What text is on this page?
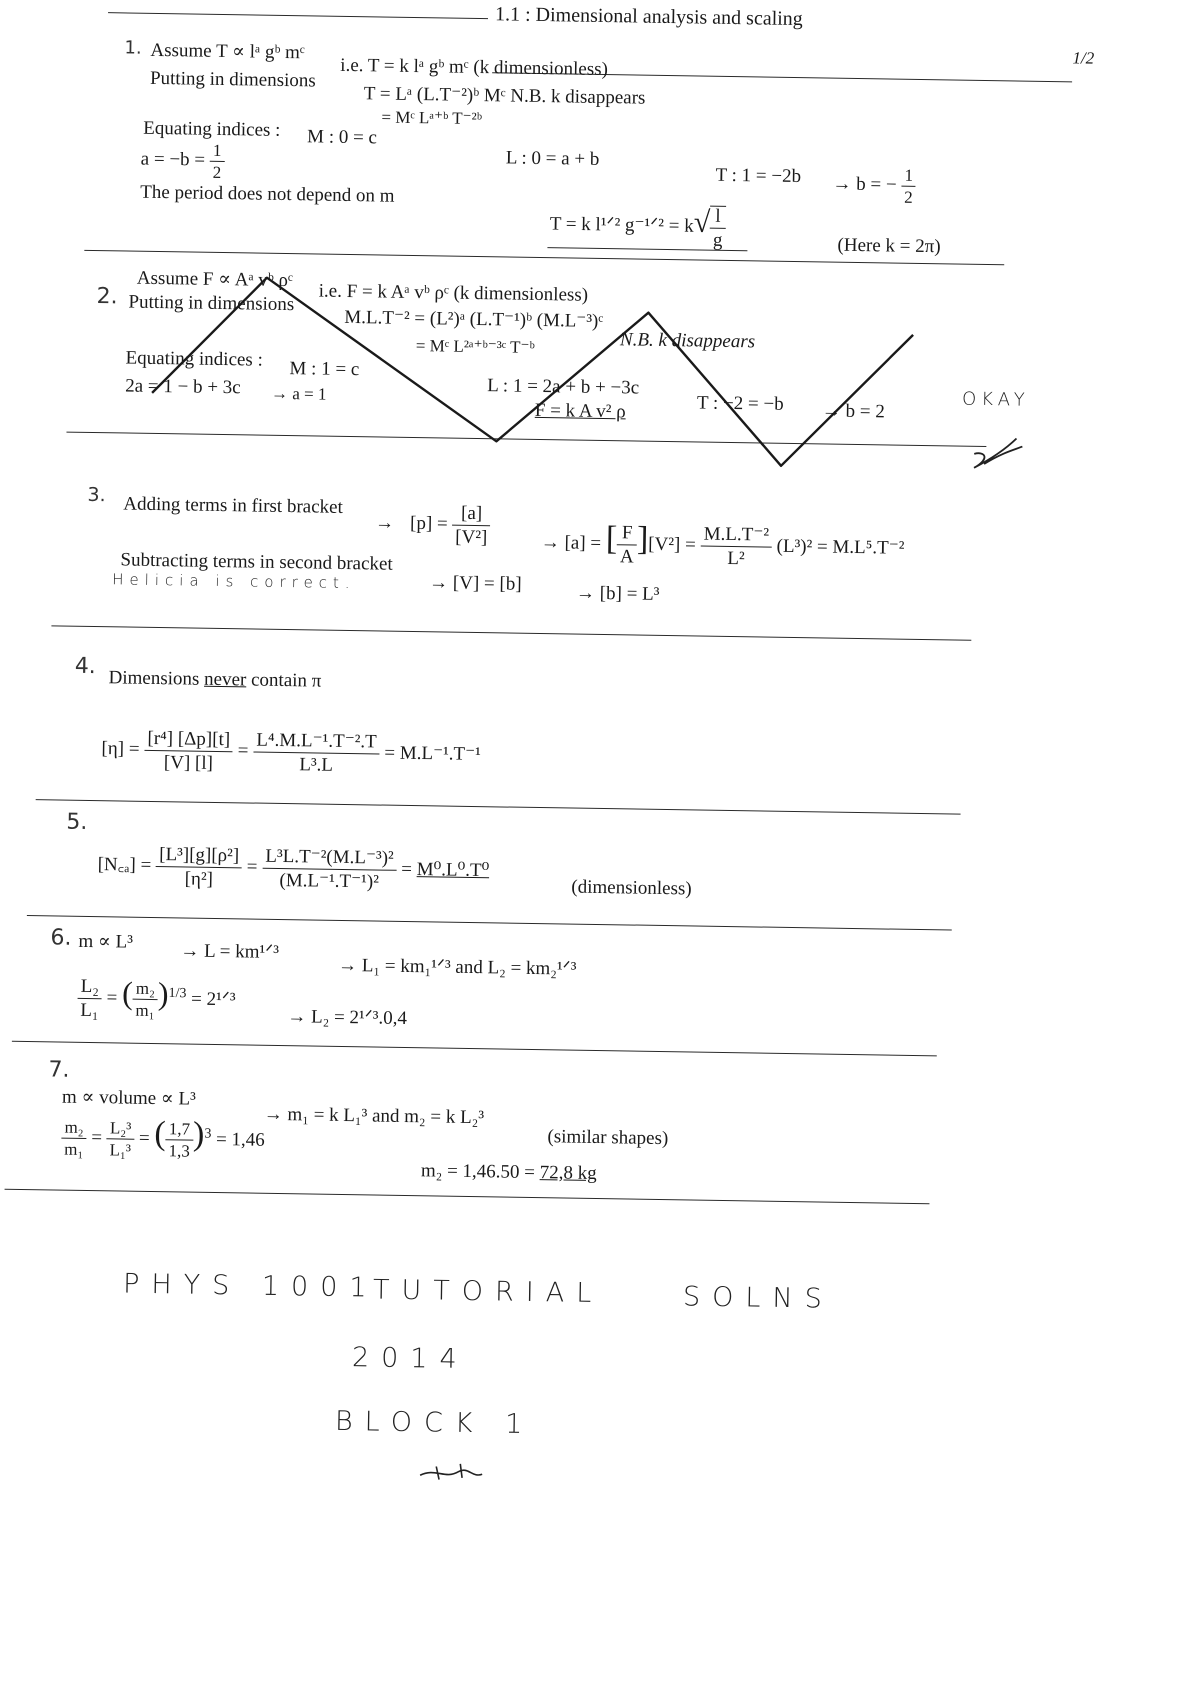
1.1 : Dimensional analysis and scaling
1/2
1. Assume T ∝ lᵃ gᵇ mᶜ
i.e. T = k lᵃ gᵇ mᶜ (k dimensionless)
Putting in dimensions
T = Lᵃ (L.T⁻²)ᵇ Mᶜ N.B. k disappears
= Mᶜ Lᵃ⁺ᵇ T⁻²ᵇ
Equating indices : M : 0 = c
$a = -b = \frac{1}{2}$	L : 0 = a + b
T : 1 = −2b → b = − $\frac{1}{2}$
The period does not depend on m
T = k l¹ᐟ² g⁻¹ᐟ² = $k√ \frac{l}{g}$	(Here k = 2π)
2.
Assume F ∝ Aᵃ vᵇ ρᶜ
i.e. F = k Aᵃ vᵇ ρᶜ (k dimensionless)
Putting in dimensions
M.L.T⁻² = (L²)ᵃ (L.T⁻¹)ᵇ (M.L⁻³)ᶜ
N.B. k disappears
= Mᶜ L²ᵃ⁺ᵇ⁻³ᶜ T⁻ᵇ
Equating indices : M : 1 = c
2a = 1 − b + 3c → a = 1	L : 1 = 2a + b + −3c
T : −2 = −b → b = 2
F = k A v² ρ
OKAY
3. Adding terms in first bracket
→ $[p] = \frac{[a]}{\text{[V²]}}$	→ [a] = [ $\frac{F}{A} ][V^2] = \frac{\text{M.L.T⁻²}}{\text{L²}} (L^3)^2 = M.L^5.T^{-2}$
Subtracting terms in second bracket
→ [V] = [b]	→ [b] = L³
Helicia is correct.
4. Dimensions never contain π
$[\eta] = \frac{\text{[r⁴] [Δp][t]}}{[V] [l]} = \frac{\text{L⁴.M.L⁻¹.T⁻².T}}{\text{L³.L}} = M.L^{-1}.T^{-1}$
5.
[N꜀ₐ] = $\frac{\text{[L³][g][ρ²]}}{\text{[η²]}} = \frac{\text{L³L.T⁻²(M.L⁻³)²}}{\text{(M.L⁻¹.T⁻¹)²}} = M^0.L^0.T^0$
(dimensionless)
6. m ∝ L³ → L = km¹ᐟ³
→ L₁ = km₁¹ᐟ³ and L₂ = km₂¹ᐟ³
$\frac{\text{L₂}}{\text{L₁}}$ = ( $\frac{\text{m₂}}{\text{m₁}} )^{1/3}$ = 2¹ᐟ³
→ L₂ = 2¹ᐟ³.0,4
7.
m ∝ volume ∝ L³
→ m₁ = k L₁³ and m₂ = k L₂³
(similar shapes)
$\frac{\text{m₂}}{\text{m₁}} = \frac{\text{L₂³}}{\text{L₁³}}$ = ( $\frac{1,7}{1,3} )^3 = 1,46$
m₂ = 1,46.50 = 72,8 kg
PHYS 1001
TUTORIAL	SOLNS
2014
BLOCK 1
